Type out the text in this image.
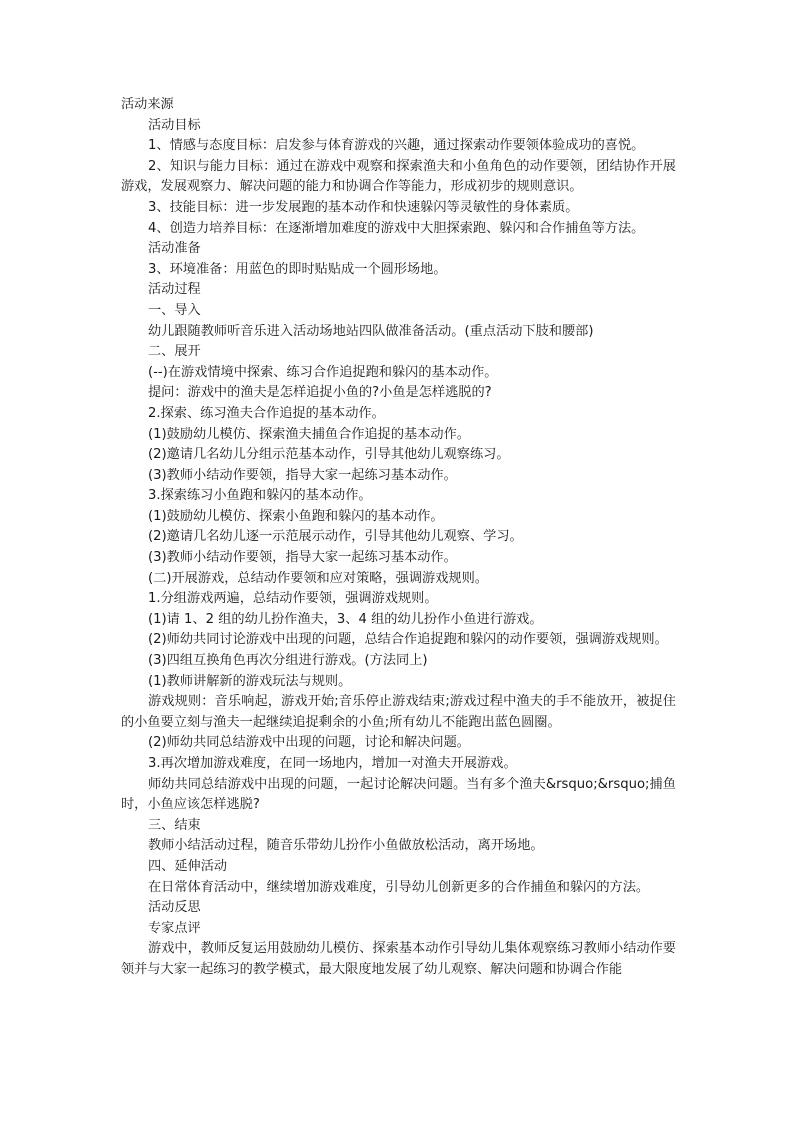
活动来源

活动目标

1、情感与态度目标：启发参与体育游戏的兴趣，通过探索动作要领体验成功的喜悦。

2、知识与能力目标：通过在游戏中观察和探索渔夫和小鱼角色的动作要领，团结协作开展游戏，发展观察力、解决问题的能力和协调合作等能力，形成初步的规则意识。

3、技能目标：进一步发展跑的基本动作和快速躲闪等灵敏性的身体素质。

4、创造力培养目标：在逐渐增加难度的游戏中大胆探索跑、躲闪和合作捕鱼等方法。

活动准备

3、环境准备：用蓝色的即时贴贴成一个圆形场地。

活动过程

一、导入

幼儿跟随教师听音乐进入活动场地站四队做准备活动。(重点活动下肢和腰部)

二、展开

(--)在游戏情境中探索、练习合作追捉跑和躲闪的基本动作。

提问：游戏中的渔夫是怎样追捉小鱼的?小鱼是怎样逃脱的?

2.探索、练习渔夫合作追捉的基本动作。

(1)鼓励幼儿模仿、探索渔夫捕鱼合作追捉的基本动作。

(2)邀请几名幼儿分组示范基本动作，引导其他幼儿观察练习。

(3)教师小结动作要领，指导大家一起练习基本动作。

3.探索练习小鱼跑和躲闪的基本动作。

(1)鼓励幼儿模仿、探索小鱼跑和躲闪的基本动作。

(2)邀请几名幼儿逐一示范展示动作，引导其他幼儿观察、学习。

(3)教师小结动作要领，指导大家一起练习基本动作。

(二)开展游戏，总结动作要领和应对策略，强调游戏规则。

1.分组游戏两遍，总结动作要领，强调游戏规则。

(1)请 1、2 组的幼儿扮作渔夫，3、4 组的幼儿扮作小鱼进行游戏。

(2)师幼共同讨论游戏中出现的问题，总结合作追捉跑和躲闪的动作要领，强调游戏规则。

(3)四组互换角色再次分组进行游戏。(方法同上)

(1)教师讲解新的游戏玩法与规则。

游戏规则：音乐响起，游戏开始;音乐停止游戏结束;游戏过程中渔夫的手不能放开，被捉住的小鱼要立刻与渔夫一起继续追捉剩余的小鱼;所有幼儿不能跑出蓝色圆圈。

(2)师幼共同总结游戏中出现的问题，讨论和解决问题。

3.再次增加游戏难度，在同一场地内，增加一对渔夫开展游戏。

师幼共同总结游戏中出现的问题，一起讨论解决问题。当有多个渔夫&rsquo;&rsquo;捕鱼时，小鱼应该怎样逃脱?

三、结束

教师小结活动过程，随音乐带幼儿扮作小鱼做放松活动，离开场地。

四、延伸活动

在日常体育活动中，继续增加游戏难度，引导幼儿创新更多的合作捕鱼和躲闪的方法。

活动反思

专家点评

游戏中，教师反复运用鼓励幼儿模仿、探索基本动作引导幼儿集体观察练习教师小结动作要领并与大家一起练习的教学模式，最大限度地发展了幼儿观察、解决问题和协调合作能
